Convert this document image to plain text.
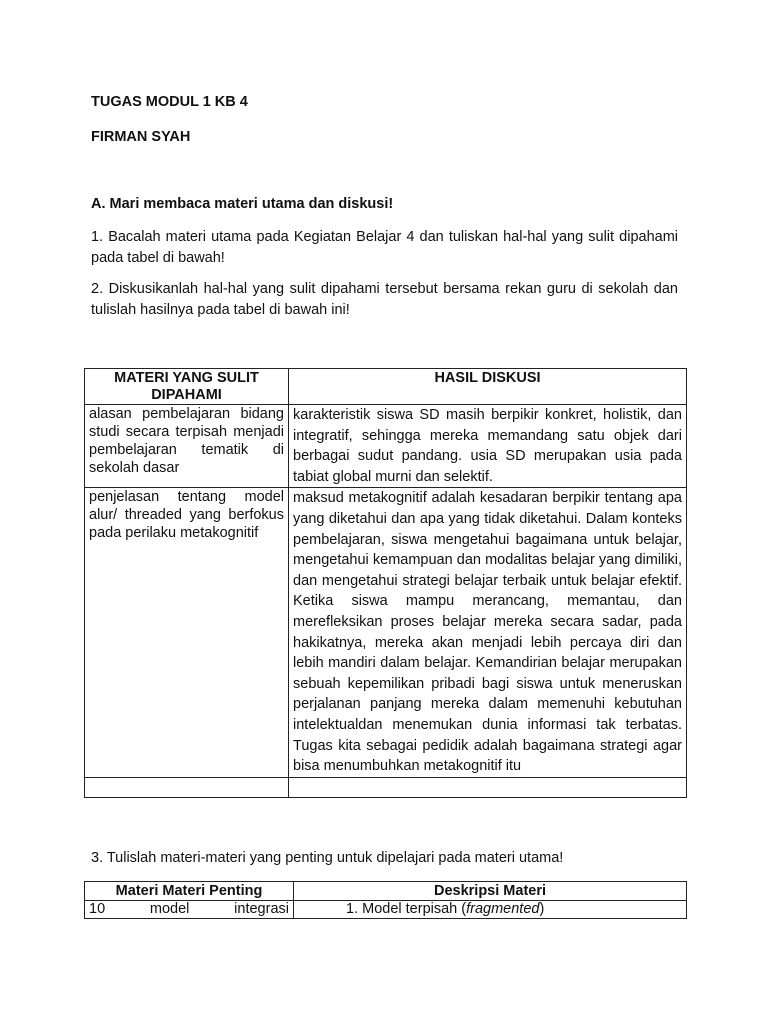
TUGAS MODUL 1 KB 4
FIRMAN SYAH
A. Mari membaca materi utama dan diskusi!
1. Bacalah materi utama pada Kegiatan Belajar 4 dan tuliskan hal-hal yang sulit dipahami pada tabel di bawah!
2. Diskusikanlah hal-hal yang sulit dipahami tersebut bersama rekan guru di sekolah dan tulislah hasilnya pada tabel di bawah ini!
MATERI YANG SULIT DIPAHAMI	HASIL DISKUSI
alasan pembelajaran bidang studi secara terpisah menjadi pembelajaran tematik di sekolah dasar	karakteristik siswa SD masih berpikir konkret, holistik, dan integratif, sehingga mereka memandang satu objek dari berbagai sudut pandang. usia SD merupakan usia pada tabiat global murni dan selektif.
penjelasan tentang model alur/ threaded yang berfokus pada perilaku metakognitif	maksud metakognitif adalah kesadaran berpikir tentang apa yang diketahui dan apa yang tidak diketahui. Dalam konteks pembelajaran, siswa mengetahui bagaimana untuk belajar, mengetahui kemampuan dan modalitas belajar yang dimiliki, dan mengetahui strategi belajar terbaik untuk belajar efektif. Ketika siswa mampu merancang, memantau, dan merefleksikan proses belajar mereka secara sadar, pada hakikatnya, mereka akan menjadi lebih percaya diri dan lebih mandiri dalam belajar. Kemandirian belajar merupakan sebuah kepemilikan pribadi bagi siswa untuk meneruskan perjalanan panjang mereka dalam memenuhi kebutuhan intelektualdan menemukan dunia informasi tak terbatas. Tugas kita sebagai pedidik adalah bagaimana strategi agar bisa menumbuhkan metakognitif itu

3. Tulislah materi-materi yang penting untuk dipelajari pada materi utama!
Materi Materi Penting	Deskripsi Materi
10 model integrasi	1. Model terpisah (fragmented)
